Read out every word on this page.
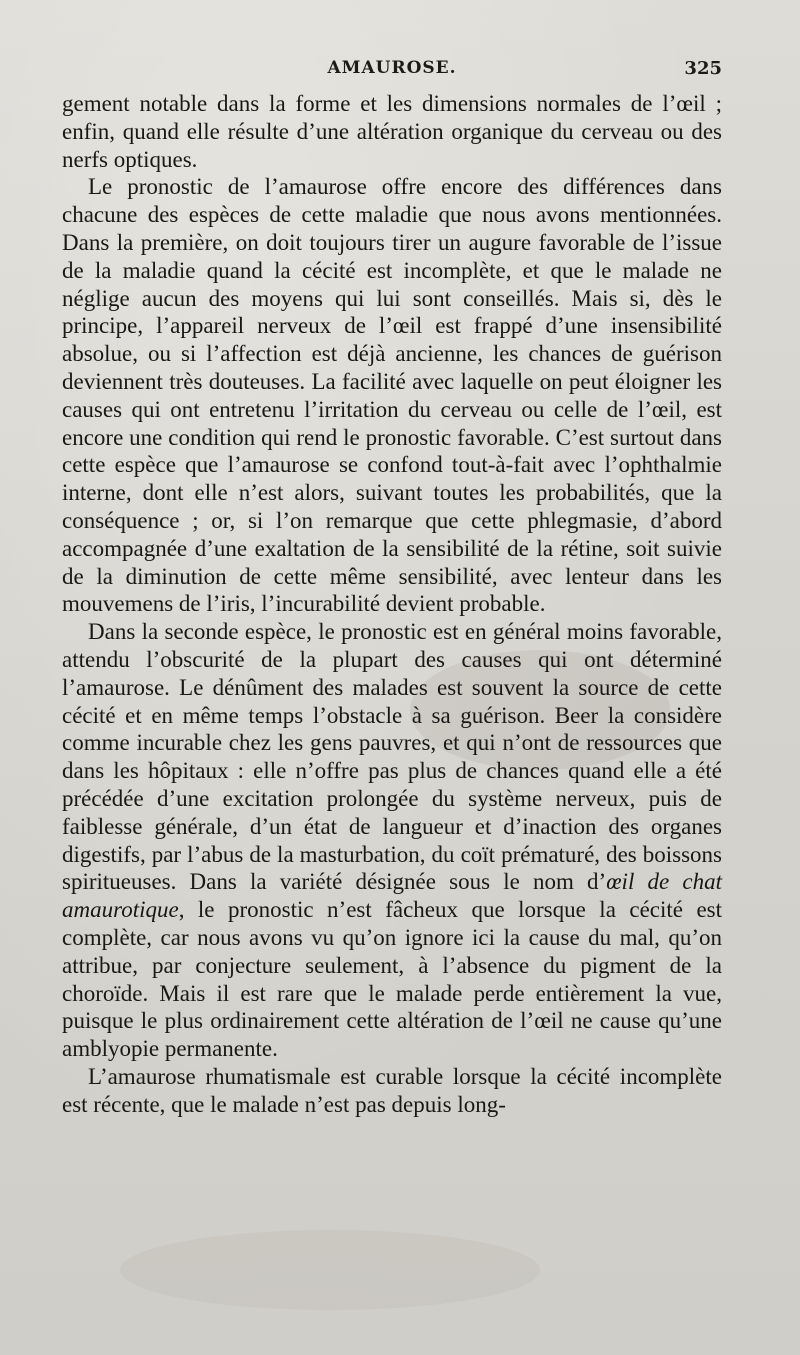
AMAUROSE.	325

gement notable dans la forme et les dimensions normales de l’œil ; enfin, quand elle résulte d’une altération organique du cerveau ou des nerfs optiques.

Le pronostic de l’amaurose offre encore des différences dans chacune des espèces de cette maladie que nous avons mentionnées. Dans la première, on doit toujours tirer un augure favorable de l’issue de la maladie quand la cécité est incomplète, et que le malade ne néglige aucun des moyens qui lui sont conseillés. Mais si, dès le principe, l’appareil nerveux de l’œil est frappé d’une insensibilité absolue, ou si l’affection est déjà ancienne, les chances de guérison deviennent très douteuses. La facilité avec laquelle on peut éloigner les causes qui ont entretenu l’irritation du cerveau ou celle de l’œil, est encore une condition qui rend le pronostic favorable. C’est surtout dans cette espèce que l’amaurose se confond tout-à-fait avec l’ophthalmie interne, dont elle n’est alors, suivant toutes les probabilités, que la conséquence ; or, si l’on remarque que cette phlegmasie, d’abord accompagnée d’une exaltation de la sensibilité de la rétine, soit suivie de la diminution de cette même sensibilité, avec lenteur dans les mouvemens de l’iris, l’incurabilité devient probable.

Dans la seconde espèce, le pronostic est en général moins favorable, attendu l’obscurité de la plupart des causes qui ont déterminé l’amaurose. Le dénûment des malades est souvent la source de cette cécité et en même temps l’obstacle à sa guérison. Beer la considère comme incurable chez les gens pauvres, et qui n’ont de ressources que dans les hôpitaux : elle n’offre pas plus de chances quand elle a été précédée d’une excitation prolongée du système nerveux, puis de faiblesse générale, d’un état de langueur et d’inaction des organes digestifs, par l’abus de la masturbation, du coït prématuré, des boissons spiritueuses. Dans la variété désignée sous le nom d’œil de chat amaurotique, le pronostic n’est fâcheux que lorsque la cécité est complète, car nous avons vu qu’on ignore ici la cause du mal, qu’on attribue, par conjecture seulement, à l’absence du pigment de la choroïde. Mais il est rare que le malade perde entièrement la vue, puisque le plus ordinairement cette altération de l’œil ne cause qu’une amblyopie permanente.

L’amaurose rhumatismale est curable lorsque la cécité incomplète est récente, que le malade n’est pas depuis long-
